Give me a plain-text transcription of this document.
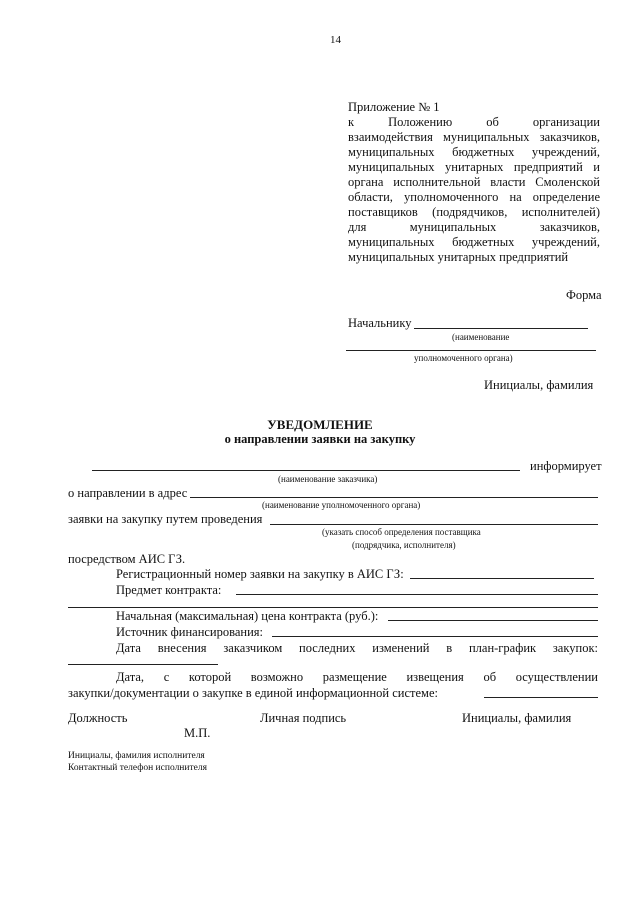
14
Приложение № 1
к Положению об организации
взаимодействия муниципальных заказчиков,
муниципальных бюджетных учреждений,
муниципальных унитарных предприятий и
органа исполнительной власти Смоленской
области, уполномоченного на определение
поставщиков (подрядчиков, исполнителей)
для муниципальных заказчиков,
муниципальных бюджетных учреждений,
муниципальных унитарных предприятий
Форма
Начальнику
(наименование
уполномоченного органа)
Инициалы, фамилия
УВЕДОМЛЕНИЕ
о направлении заявки на закупку
информирует
(наименование заказчика)
о направлении в адрес
(наименование уполномоченного органа)
заявки на закупку путем проведения
(указать способ определения поставщика
(подрядчика, исполнителя)
посредством АИС ГЗ.
Регистрационный номер заявки на закупку в АИС ГЗ:
Предмет контракта:
Начальная (максимальная) цена контракта (руб.):
Источник финансирования:
Дата внесения заказчиком последних изменений в план-график закупок:
Дата, с которой возможно размещение извещения об осуществлении
закупки/документации о закупке в единой информационной системе:
Должность	Личная подпись	Инициалы, фамилия
М.П.
Инициалы, фамилия исполнителя
Контактный телефон исполнителя
